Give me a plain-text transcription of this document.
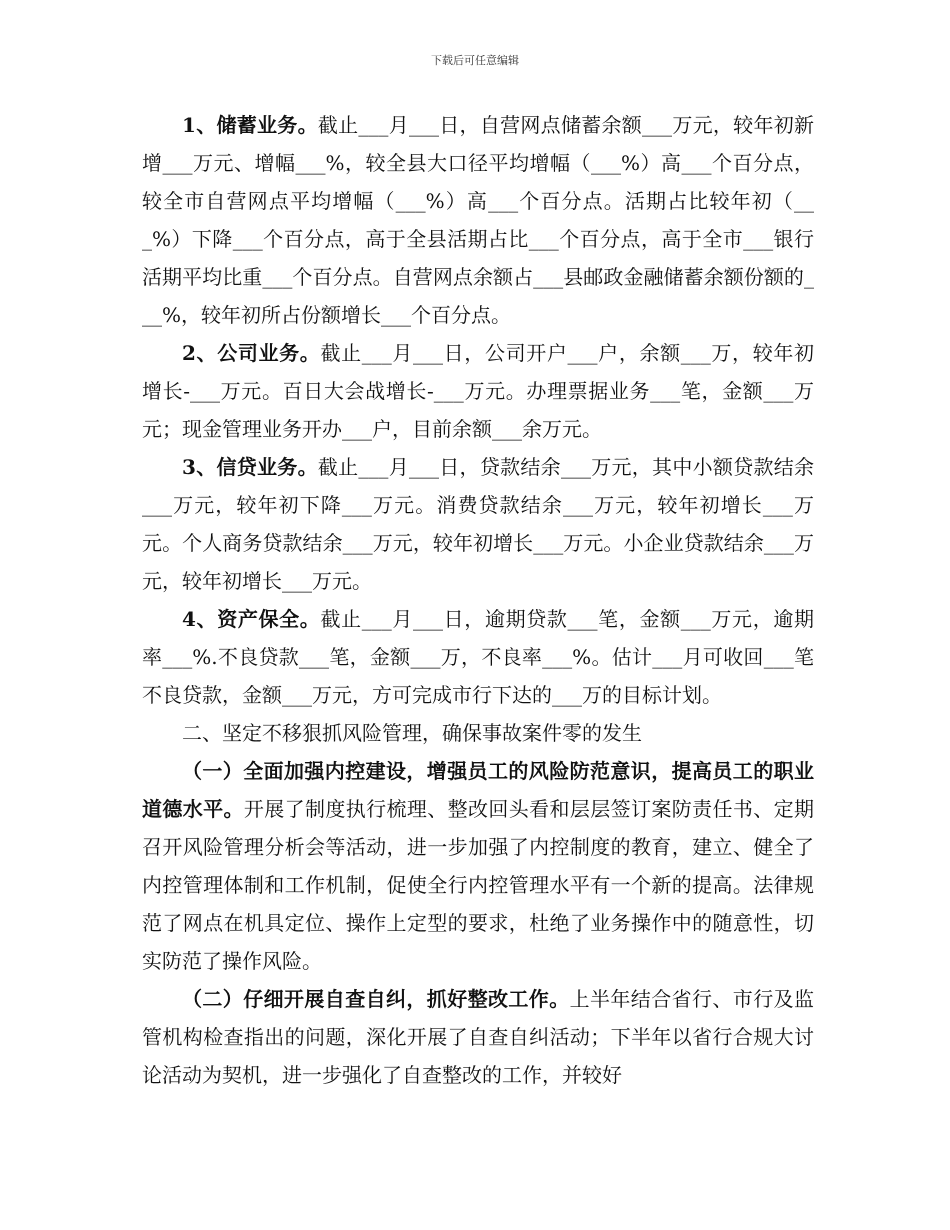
下载后可任意编辑

1、储蓄业务。截止___月___日，自营网点储蓄余额___万元，较年初新增___万元、增幅___%，较全县大口径平均增幅（___%）高___个百分点，较全市自营网点平均增幅（___%）高___个百分点。活期占比较年初（___%）下降___个百分点，高于全县活期占比___个百分点，高于全市___银行活期平均比重___个百分点。自营网点余额占___县邮政金融储蓄余额份额的___%，较年初所占份额增长___个百分点。

2、公司业务。截止___月___日，公司开户___户，余额___万，较年初增长-___万元。百日大会战增长-___万元。办理票据业务___笔，金额___万元；现金管理业务开办___户，目前余额___余万元。

3、信贷业务。截止___月___日，贷款结余___万元，其中小额贷款结余___万元，较年初下降___万元。消费贷款结余___万元，较年初增长___万元。个人商务贷款结余___万元，较年初增长___万元。小企业贷款结余___万元，较年初增长___万元。

4、资产保全。截止___月___日，逾期贷款___笔，金额___万元，逾期率___%.不良贷款___笔，金额___万，不良率___%。估计___月可收回___笔不良贷款，金额___万元，方可完成市行下达的___万的目标计划。

二、坚定不移狠抓风险管理，确保事故案件零的发生

（一）全面加强内控建设，增强员工的风险防范意识，提高员工的职业道德水平。开展了制度执行梳理、整改回头看和层层签订案防责任书、定期召开风险管理分析会等活动，进一步加强了内控制度的教育，建立、健全了内控管理体制和工作机制，促使全行内控管理水平有一个新的提高。法律规范了网点在机具定位、操作上定型的要求，杜绝了业务操作中的随意性，切实防范了操作风险。

（二）仔细开展自查自纠，抓好整改工作。上半年结合省行、市行及监管机构检查指出的问题，深化开展了自查自纠活动；下半年以省行合规大讨论活动为契机，进一步强化了自查整改的工作，并较好
